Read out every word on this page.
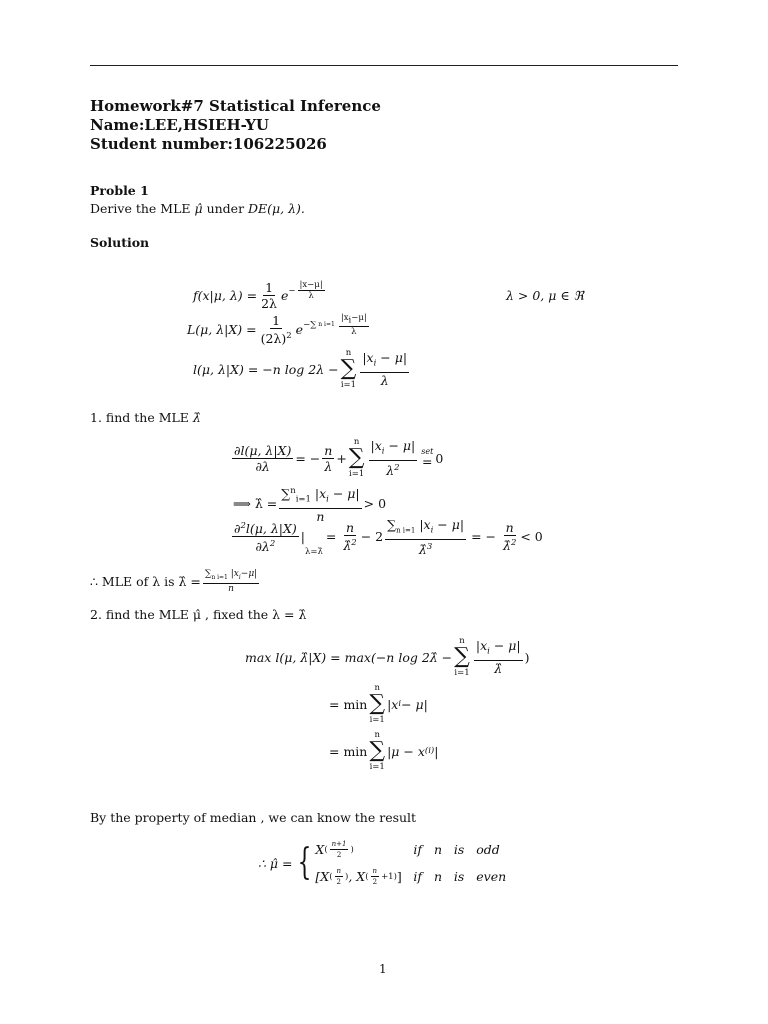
Homework#7 Statistical Inference
Name:LEE,HSIEH-YU
Student number:106225026
Proble 1
Derive the MLE μ̂ under DE(μ, λ).
Solution
f(x|μ, $\lambda) = \frac{1}{2\lambda}$ $e - \frac{|x-\mu|}{\lambda}$	λ > 0, μ ∈ ℜ
L(μ, $\lambda|X) = \frac{1}{(2\lambda)^2}$ e −∑ n $i=1 \frac{|x_i-\mu|}{\lambda}$
l(μ, λ|X) = −n log 2λ −
n
∑
$i=1 \frac{|x_i - \mu|}{\lambda}$
1. find the MLE λ̂
$\frac{\partial l(\mu, \lambda|X)}{\partial\lambda}$ = − $\frac{n}{\lambda}$ +
n
∑
$i=1 \frac{|x_i - \mu|}{\lambda^2}$ set
= 0
⟹ λ̂ = $\frac{\sum^n_{i=1} |x_i - \mu|}{n} > 0$
$\frac{\partial^2l(\mu, \lambda|X)}{\partial\lambda^2}$ |
λ=λ̂
= $\frac{n}{\lambdâ^2} - 2 \frac{\sum_{n i=1} |x_i - \mu|}{\lambdâ^3}$ = − $\frac{n}{\lambdâ^2} < 0$
∴ MLE of λ is λ̂ = $\frac{\sum_{n i=1} |x_i-\mu|}{n}$
2. find the MLE μ̂ , fixed the λ = λ̂
max l(μ, λ̂|X) = max(−n log 2λ̂ −
n
∑
$i=1 \frac{|x_i - \mu|}{\lambdâ}$ )
= min
n
∑
i=1
|x i − μ|
= min
n
∑
i=1
|μ − x (i) |
By the property of median , we can know the result
∴ μ̂ = { X ( $\frac{n+1}{2}$ )	if   n   is   odd
[X ( $\frac{n}{2}$ ) , X ( $\frac{n}{2} +1$) ] if   n   is   even
1
